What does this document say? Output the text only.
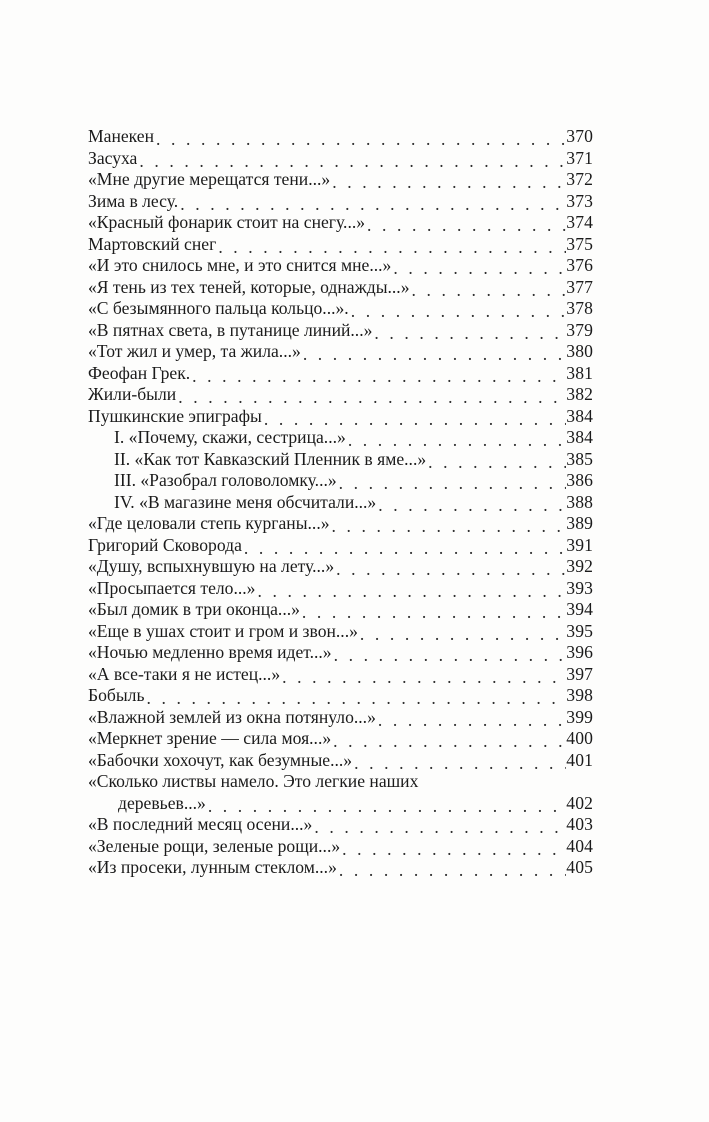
Манекен . . .	370
Засуха . . .	371
«Мне другие мерещатся тени...» . . .	372
Зима в лесу. . . .	373
«Красный фонарик стоит на снегу...» . . .	374
Мартовский снег . . .	375
«И это снилось мне, и это снится мне...» . . .	376
«Я тень из тех теней, которые, однажды...» . . .	377
«С безымянного пальца кольцо...». . . .	378
«В пятнах света, в путанице линий...» . . .	379
«Тот жил и умер, та жила...» . . .	380
Феофан Грек. . . .	381
Жили-были . . .	382
Пушкинские эпиграфы . . .	384
I. «Почему, скажи, сестрица...» . . .	384
II. «Как тот Кавказский Пленник в яме...» . . .	385
III. «Разобрал головоломку...» . . .	386
IV. «В магазине меня обсчитали...» . . .	388
«Где целовали степь курганы...» . . .	389
Григорий Сковорода . . .	391
«Душу, вспыхнувшую на лету...» . . .	392
«Просыпается тело...» . . .	393
«Был домик в три оконца...» . . .	394
«Еще в ушах стоит и гром и звон...» . . .	395
«Ночью медленно время идет...» . . .	396
«А все-таки я не истец...» . . .	397
Бобыль . . .	398
«Влажной землей из окна потянуло...» . . .	399
«Меркнет зрение — сила моя...» . . .	400
«Бабочки хохочут, как безумные...» . . .	401
«Сколько листвы намело. Это легкие наших
деревьев...» . . .	402
«В последний месяц осени...» . . .	403
«Зеленые рощи, зеленые рощи...» . . .	404
«Из просеки, лунным стеклом...» . . .	405
